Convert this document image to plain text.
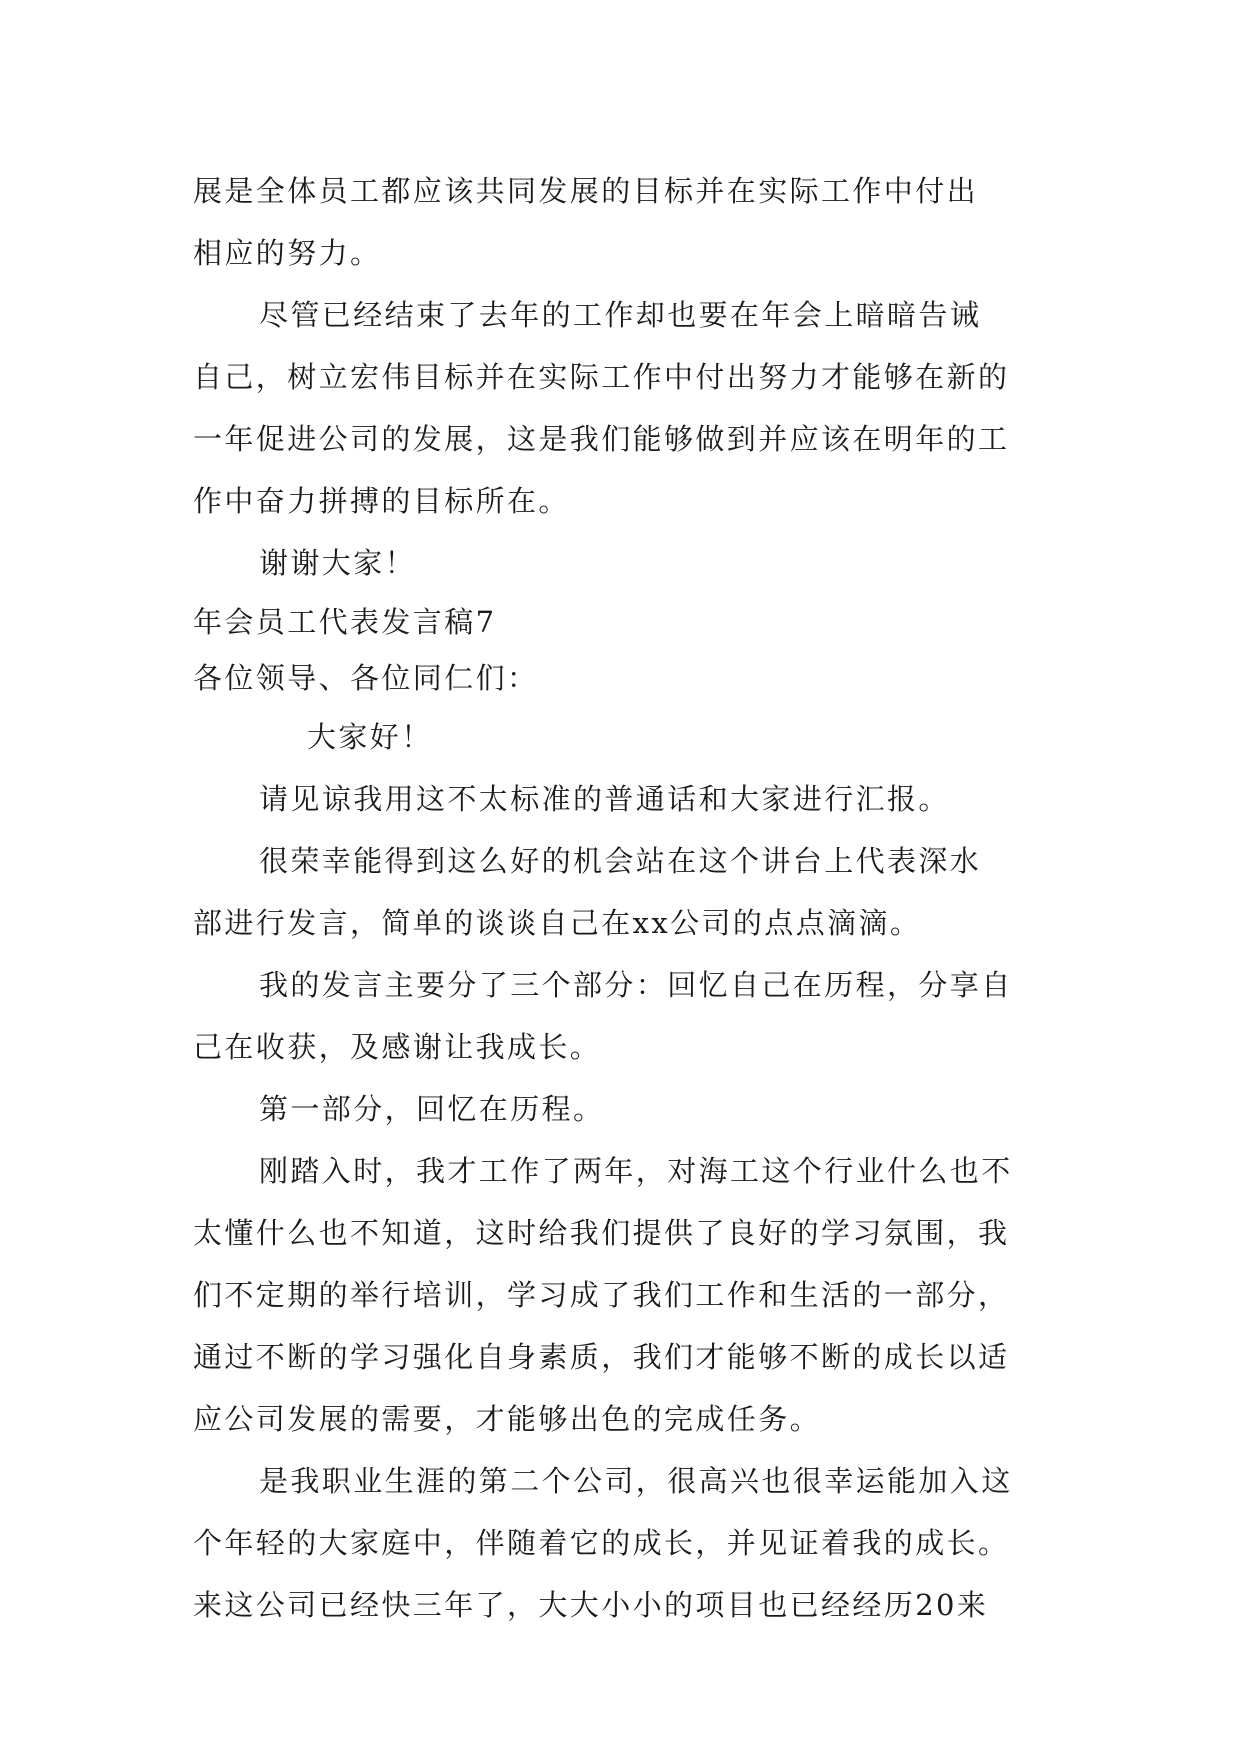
展是全体员工都应该共同发展的目标并在实际工作中付出
相应的努力。
尽管已经结束了去年的工作却也要在年会上暗暗告诫
自己，树立宏伟目标并在实际工作中付出努力才能够在新的
一年促进公司的发展，这是我们能够做到并应该在明年的工
作中奋力拼搏的目标所在。
谢谢大家！
年会员工代表发言稿7
各位领导、各位同仁们：
大家好！
请见谅我用这不太标准的普通话和大家进行汇报。
很荣幸能得到这么好的机会站在这个讲台上代表深水
部进行发言，简单的谈谈自己在xx公司的点点滴滴。
我的发言主要分了三个部分：回忆自己在历程，分享自
己在收获，及感谢让我成长。
第一部分，回忆在历程。
刚踏入时，我才工作了两年，对海工这个行业什么也不
太懂什么也不知道，这时给我们提供了良好的学习氛围，我
们不定期的举行培训，学习成了我们工作和生活的一部分，
通过不断的学习强化自身素质，我们才能够不断的成长以适
应公司发展的需要，才能够出色的完成任务。
是我职业生涯的第二个公司，很高兴也很幸运能加入这
个年轻的大家庭中，伴随着它的成长，并见证着我的成长。
来这公司已经快三年了，大大小小的项目也已经经历20来
